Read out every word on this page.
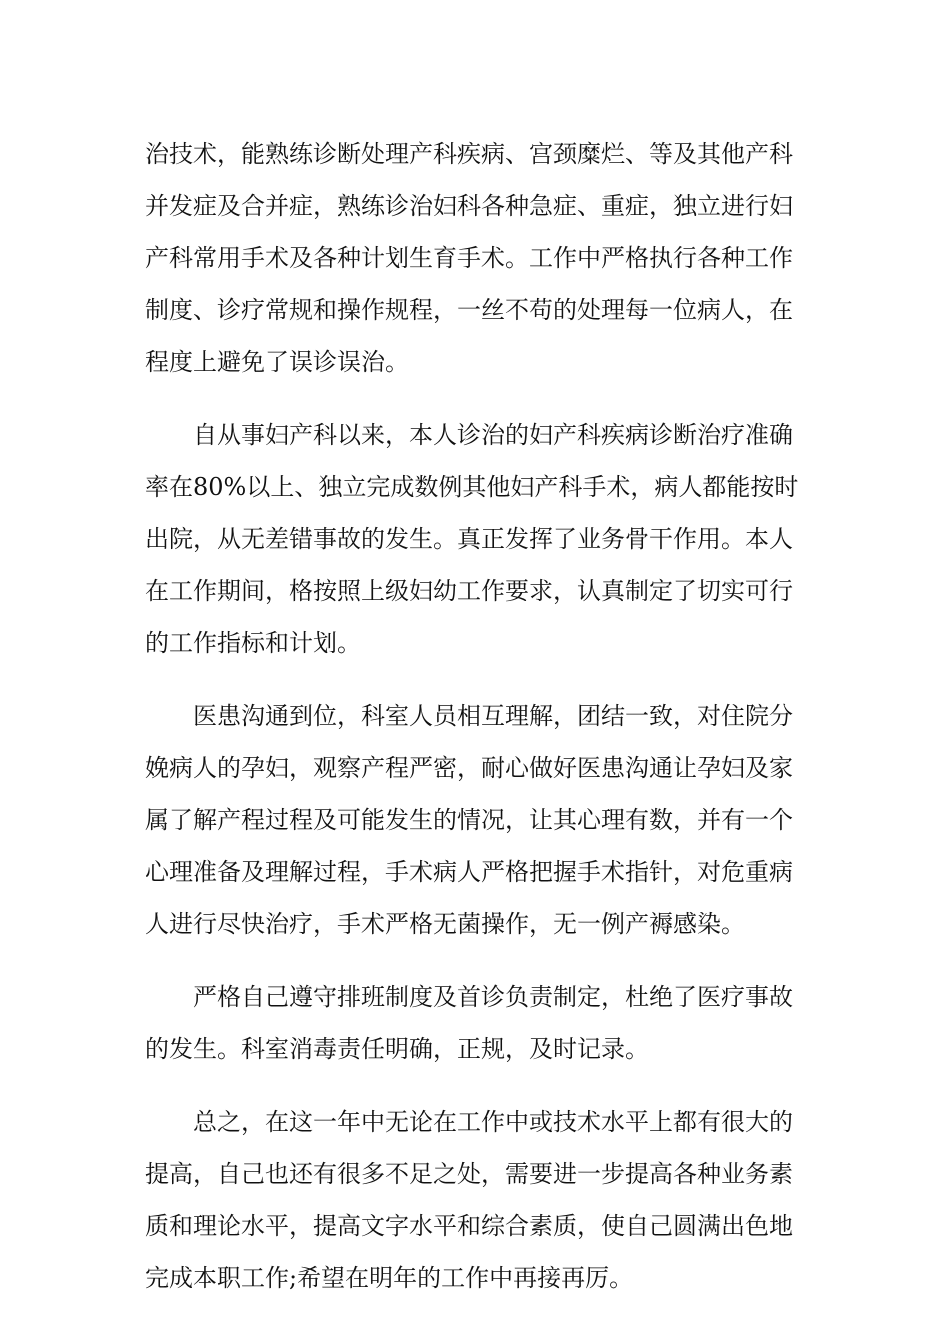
治技术，能熟练诊断处理产科疾病、宫颈糜烂、等及其他产科并发症及合并症，熟练诊治妇科各种急症、重症，独立进行妇产科常用手术及各种计划生育手术。工作中严格执行各种工作制度、诊疗常规和操作规程，一丝不苟的处理每一位病人，在程度上避免了误诊误治。

自从事妇产科以来，本人诊治的妇产科疾病诊断治疗准确率在80%以上、独立完成数例其他妇产科手术，病人都能按时出院，从无差错事故的发生。真正发挥了业务骨干作用。本人在工作期间，格按照上级妇幼工作要求，认真制定了切实可行的工作指标和计划。

医患沟通到位，科室人员相互理解，团结一致，对住院分娩病人的孕妇，观察产程严密，耐心做好医患沟通让孕妇及家属了解产程过程及可能发生的情况，让其心理有数，并有一个心理准备及理解过程，手术病人严格把握手术指针，对危重病人进行尽快治疗，手术严格无菌操作，无一例产褥感染。

严格自己遵守排班制度及首诊负责制定，杜绝了医疗事故的发生。科室消毒责任明确，正规，及时记录。

总之，在这一年中无论在工作中或技术水平上都有很大的提高，自己也还有很多不足之处，需要进一步提高各种业务素质和理论水平，提高文字水平和综合素质，使自己圆满出色地完成本职工作;希望在明年的工作中再接再厉。
